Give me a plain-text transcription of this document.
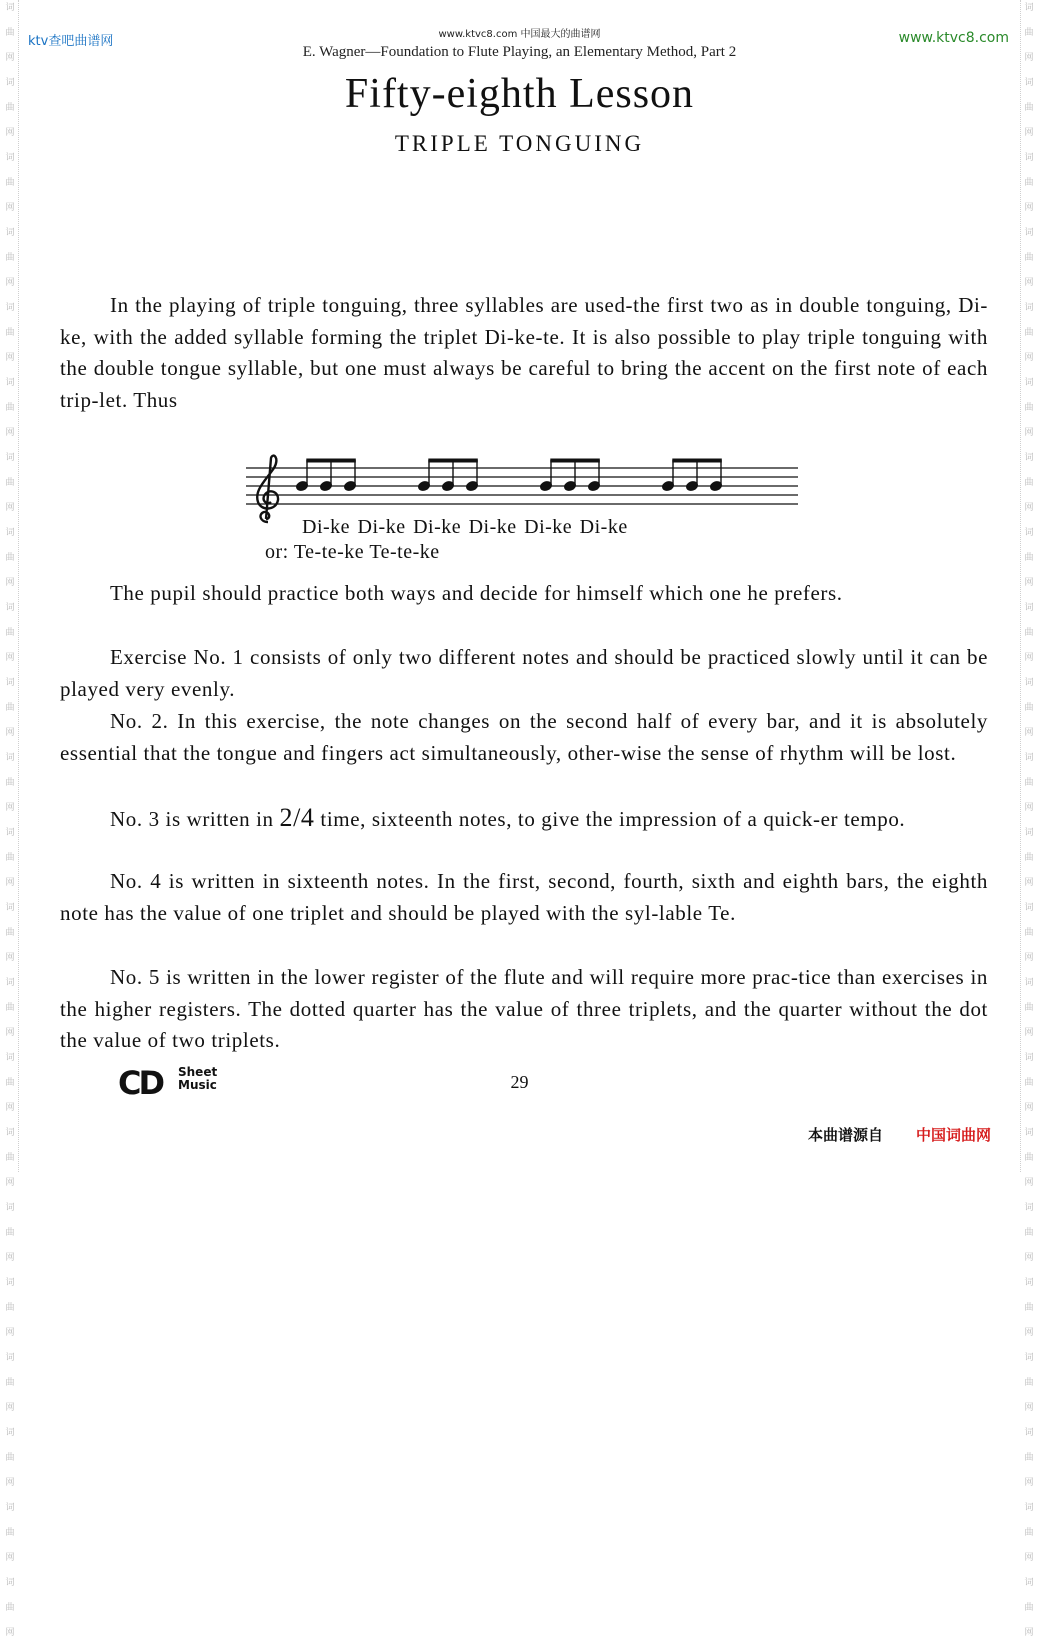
词
曲
网
词
曲
网
词
曲
网
词
曲
网
词
曲
网
词
曲
网
词
曲
网
词
曲
网
词
曲
网
词
曲
网
词
曲
网
词
曲
网
词
曲
网
词
曲
网
词
曲
网
词
曲
网
词
曲
网
词
曲
网
词
曲
网
词
曲
网
词
曲
网
词
曲
网
词
曲
网
词
曲
网
词
曲
网
词
曲
网
词
曲
网
词
曲
网
词
曲
网
词
曲
网
词
曲
网
词
曲
网
词
曲
网
词
曲
网
词
曲
网
词
曲
网
词
曲
网
词
曲
网
词
曲
网
词
曲
网
词
曲
网
词
曲
网
词
曲
网
词
曲
网
ktv查吧曲谱网	www.ktvc8.com
www.ktvc8.com 中国最大的曲谱网
E. Wagner—Foundation to Flute Playing, an Elementary Method, Part 2
Fifty-eighth Lesson
TRIPLE TONGUING

In the playing of triple tonguing, three syllables are used-the first two as in double tonguing, Di-ke, with the added syllable forming the triplet Di-ke-te. It is also possible to play triple tonguing with the double tongue syllable, but one must always be careful to bring the accent on the first note of each trip-let. Thus

Di-ke Di-ke Di-ke Di-ke Di-ke Di-ke
or: Te-te-ke Te-te-ke

The pupil should practice both ways and decide for himself which one he prefers.

Exercise No. 1 consists of only two different notes and should be practiced slowly until it can be played very evenly.

No. 2. In this exercise, the note changes on the second half of every bar, and it is absolutely essential that the tongue and fingers act simultaneously, other-wise the sense of rhythm will be lost.

No. 3 is written in 2/4 time, sixteenth notes, to give the impression of a quick-er tempo.

No. 4 is written in sixteenth notes. In the first, second, fourth, sixth and eighth bars, the eighth note has the value of one triplet and should be played with the syl-lable Te.

No. 5 is written in the lower register of the flute and will require more prac-tice than exercises in the higher registers. The dotted quarter has the value of three triplets, and the quarter without the dot the value of two triplets.

CD Sheet
Music	29
本曲谱源自 中国词曲网
